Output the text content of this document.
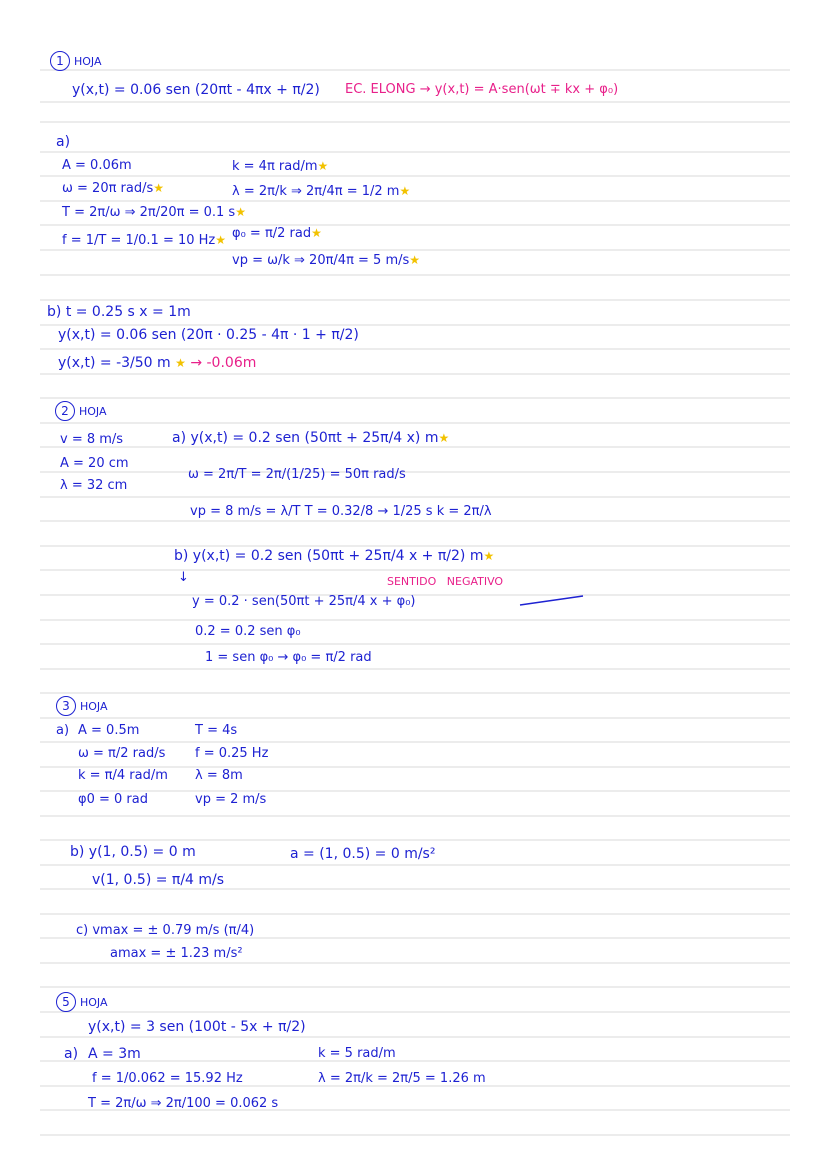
1 HOJA
y(x,t) = 0.06 sen (20πt - 4πx + π/2) EC. ELONG → y(x,t) = A·sen(ωt ∓ kx + φ₀)
a)
A = 0.06m
ω = 20π rad/s★
T = 2π/ω ⇒ 2π/20π = 0.1 s★
f = 1/T = 1/0.1 = 10 Hz★
k = 4π rad/m★
λ = 2π/k ⇒ 2π/4π = 1/2 m★
φ₀ = π/2 rad★
vp = ω/k ⇒ 20π/4π = 5 m/s★
b) t = 0.25 s x = 1m
y(x,t) = 0.06 sen (20π · 0.25 - 4π · 1 + π/2)
y(x,t) = -3/50 m ★ → -0.06m
2 HOJA
v = 8 m/s
A = 20 cm
λ = 32 cm
a) y(x,t) = 0.2 sen (50πt + 25π/4 x) m★
ω = 2π/T = 2π/(1/25) = 50π rad/s
vp = 8 m/s = λ/T T = 0.32/8 → 1/25 s k = 2π/λ
b) y(x,t) = 0.2 sen (50πt + 25π/4 x + π/2) m★
SENTIDO NEGATIVO
↓
y = 0.2 · sen(50πt + 25π/4 x + φ₀)
0.2 = 0.2 sen φ₀
1 = sen φ₀ → φ₀ = π/2 rad
3 HOJA
a) A = 0.5m
ω = π/2 rad/s
k = π/4 rad/m
φ0 = 0 rad
T = 4s
f = 0.25 Hz
λ = 8m
vp = 2 m/s
b) y(1, 0.5) = 0 m	a = (1, 0.5) = 0 m/s²
v(1, 0.5) = π/4 m/s
c) vmax = ± 0.79 m/s (π/4)
amax = ± 1.23 m/s²
5 HOJA
y(x,t) = 3 sen (100t - 5x + π/2)
a) A = 3m
f = 1/0.062 = 15.92 Hz
T = 2π/ω ⇒ 2π/100 = 0.062 s
k = 5 rad/m
λ = 2π/k = 2π/5 = 1.26 m
